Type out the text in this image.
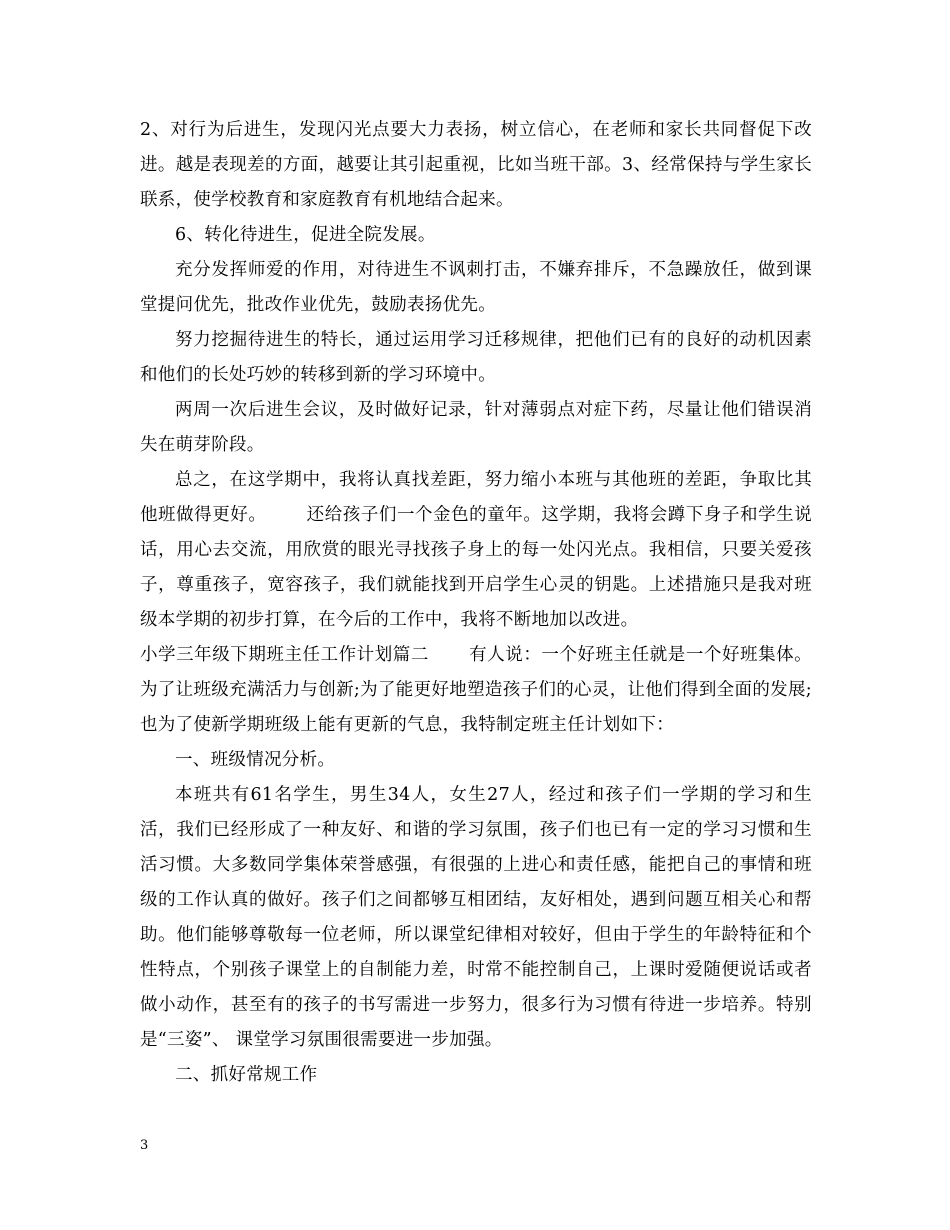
2、对行为后进生，发现闪光点要大力表扬，树立信心，在老师和家长共同督促下改进。越是表现差的方面，越要让其引起重视，比如当班干部。3、经常保持与学生家长联系，使学校教育和家庭教育有机地结合起来。

6、转化待进生，促进全院发展。

充分发挥师爱的作用，对待进生不讽刺打击，不嫌弃排斥，不急躁放任，做到课堂提问优先，批改作业优先，鼓励表扬优先。

努力挖掘待进生的特长，通过运用学习迁移规律，把他们已有的良好的动机因素和他们的长处巧妙的转移到新的学习环境中。

两周一次后进生会议，及时做好记录，针对薄弱点对症下药，尽量让他们错误消失在萌芽阶段。

总之，在这学期中，我将认真找差距，努力缩小本班与其他班的差距，争取比其他班做得更好。 还给孩子们一个金色的童年。这学期，我将会蹲下身子和学生说话，用心去交流，用欣赏的眼光寻找孩子身上的每一处闪光点。我相信，只要关爱孩子，尊重孩子，宽容孩子，我们就能找到开启学生心灵的钥匙。上述措施只是我对班级本学期的初步打算，在今后的工作中，我将不断地加以改进。

小学三年级下期班主任工作计划篇二 有人说：一个好班主任就是一个好班集体。为了让班级充满活力与创新;为了能更好地塑造孩子们的心灵，让他们得到全面的发展;也为了使新学期班级上能有更新的气息，我特制定班主任计划如下：

一、班级情况分析。

本班共有61名学生，男生34人，女生27人，经过和孩子们一学期的学习和生活，我们已经形成了一种友好、和谐的学习氛围，孩子们也已有一定的学习习惯和生活习惯。大多数同学集体荣誉感强，有很强的上进心和责任感，能把自己的事情和班级的工作认真的做好。孩子们之间都够互相团结，友好相处，遇到问题互相关心和帮助。他们能够尊敬每一位老师，所以课堂纪律相对较好，但由于学生的年龄特征和个性特点，个别孩子课堂上的自制能力差，时常不能控制自己，上课时爱随便说话或者做小动作，甚至有的孩子的书写需进一步努力，很多行为习惯有待进一步培养。特别是“三姿”、 课堂学习氛围很需要进一步加强。

二、抓好常规工作

3
